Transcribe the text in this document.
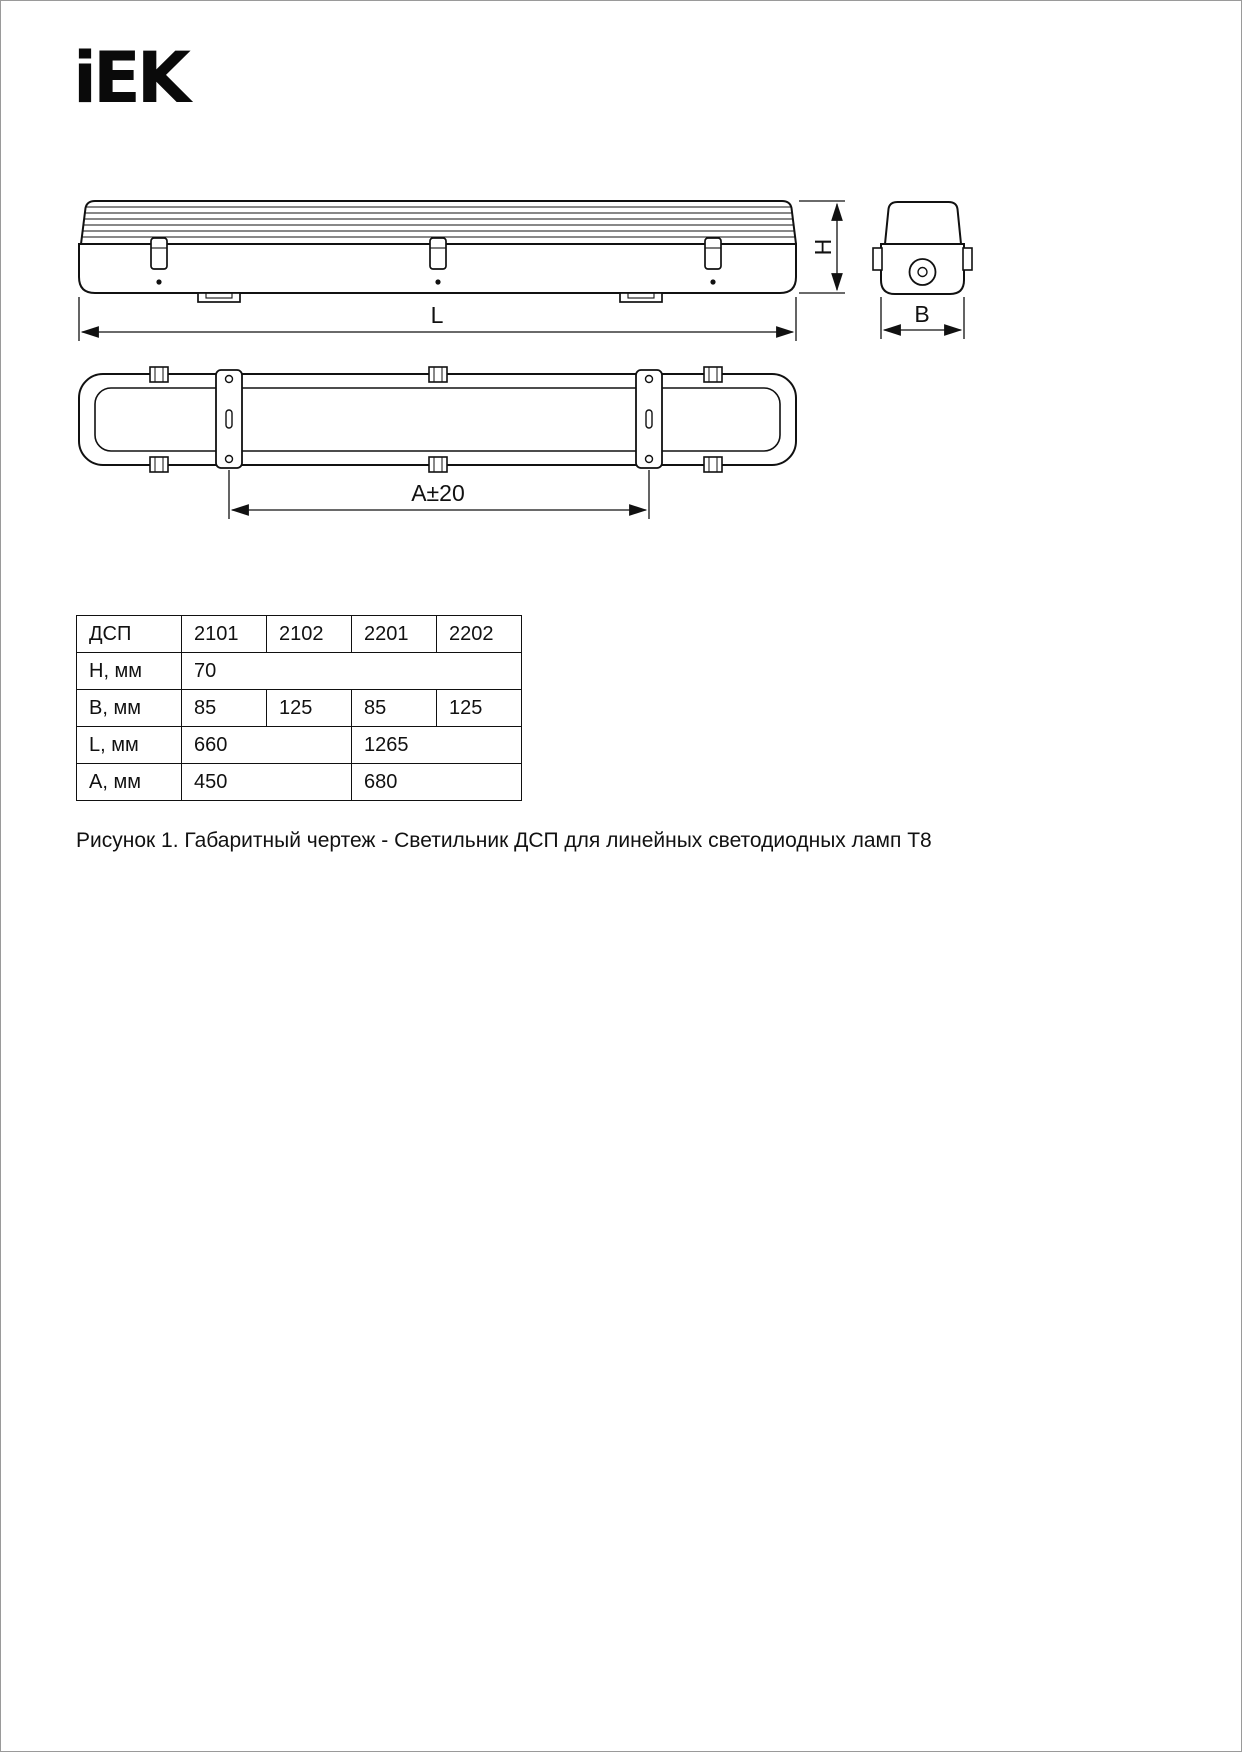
iEK
L
H
B
A±20
ДСП	2101	2102	2201	2202
Н, мм	70			
В, мм	85	125	85	125
L, мм	660		1265	
А, мм	450		680	
Рисунок 1. Габаритный чертеж - Светильник ДСП для линейных светодиодных ламп Т8
